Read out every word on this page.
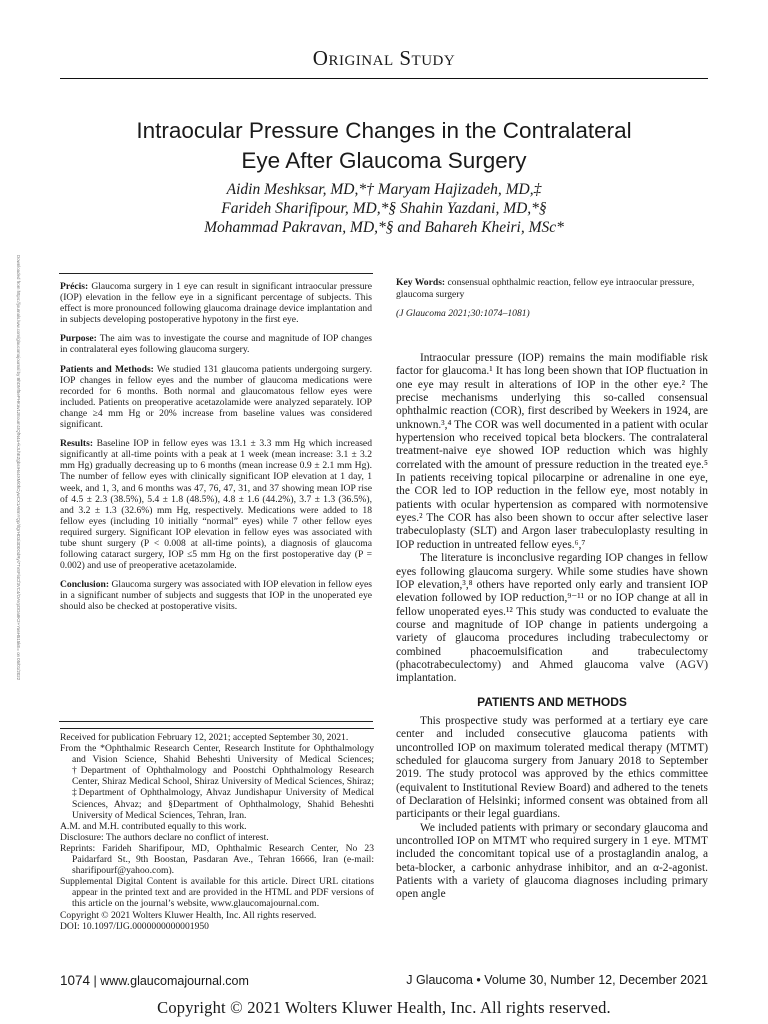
Original Study
Intraocular Pressure Changes in the Contralateral
Eye After Glaucoma Surgery
Aidin Meshksar, MD,*† Maryam Hajizadeh, MD,‡
Farideh Sharifipour, MD,*§ Shahin Yazdani, MD,*§
Mohammad Pakravan, MD,*§ and Bahareh Kheiri, MSc*
Downloaded from https://journals.lww.com/glaucomajournal by BhDMf5ePHKav1zEoum1tQfN4a+kJLhEZgbsIHo4XMi0hCywCX1AWnYQp/IlQrHD3i3D0OdRyi7TvSFl4Cf3VC4/OAVpDDa8K2+Ya6H515kE= on 05/01/2022	Précis: Glaucoma surgery in 1 eye can result in significant intraocular pressure (IOP) elevation in the fellow eye in a significant percentage of subjects. This effect is more pronounced following glaucoma drainage device implantation and in subjects developing postoperative hypotony in the first eye.

Purpose: The aim was to investigate the course and magnitude of IOP changes in contralateral eyes following glaucoma surgery.

Patients and Methods: We studied 131 glaucoma patients undergoing surgery. IOP changes in fellow eyes and the number of glaucoma medications were recorded for 6 months. Both normal and glaucomatous fellow eyes were included. Patients on preoperative acetazolamide were analyzed separately. IOP change ≥4 mm Hg or 20% increase from baseline values was considered significant.

Results: Baseline IOP in fellow eyes was 13.1 ± 3.3 mm Hg which increased significantly at all-time points with a peak at 1 week (mean increase: 3.1 ± 3.2 mm Hg) gradually decreasing up to 6 months (mean increase 0.9 ± 2.1 mm Hg). The number of fellow eyes with clinically significant IOP elevation at 1 day, 1 week, and 1, 3, and 6 months was 47, 76, 47, 31, and 37 showing mean IOP rise of 4.5 ± 2.3 (38.5%), 5.4 ± 1.8 (48.5%), 4.8 ± 1.6 (44.2%), 3.7 ± 1.3 (36.5%), and 3.2 ± 1.3 (32.6%) mm Hg, respectively. Medications were added to 18 fellow eyes (including 10 initially “normal” eyes) while 7 other fellow eyes required surgery. Significant IOP elevation in fellow eyes was associated with tube shunt surgery (P < 0.008 at all-time points), a diagnosis of glaucoma following cataract surgery, IOP ≤5 mm Hg on the first postoperative day (P = 0.002) and use of preoperative acetazolamide.

Conclusion: Glaucoma surgery was associated with IOP elevation in fellow eyes in a significant number of subjects and suggests that IOP in the unoperated eye should also be checked at postoperative visits.

Key Words: consensual ophthalmic reaction, fellow eye intraocular pressure, glaucoma surgery

(J Glaucoma 2021;30:1074–1081)

Intraocular pressure (IOP) remains the main modifiable risk factor for glaucoma.¹ It has long been shown that IOP fluctuation in one eye may result in alterations of IOP in the other eye.² The precise mechanisms underlying this so-called consensual ophthalmic reaction (COR), first described by Weekers in 1924, are unknown.³,⁴ The COR was well documented in a patient with ocular hypertension who received topical beta blockers. The contralateral treatment-naive eye showed IOP reduction which was highly correlated with the amount of pressure reduction in the treated eye.⁵ In patients receiving topical pilocarpine or adrenaline in one eye, the COR led to IOP reduction in the fellow eye, most notably in patients with ocular hypertension as compared with normotensive eyes.² The COR has also been shown to occur after selective laser trabeculoplasty (SLT) and Argon laser trabeculoplasty resulting in IOP reduction in untreated fellow eyes.⁶,⁷

The literature is inconclusive regarding IOP changes in fellow eyes following glaucoma surgery. While some studies have shown IOP elevation,³,⁸ others have reported only early and transient IOP elevation followed by IOP reduction,⁹⁻¹¹ or no IOP change at all in fellow unoperated eyes.¹² This study was conducted to evaluate the course and magnitude of IOP change in patients undergoing a variety of glaucoma procedures including trabeculectomy or combined phacoemulsification and trabeculectomy (phacotrabeculectomy) and Ahmed glaucoma valve (AGV) implantation.

PATIENTS AND METHODS

This prospective study was performed at a tertiary eye care center and included consecutive glaucoma patients with uncontrolled IOP on maximum tolerated medical therapy (MTMT) scheduled for glaucoma surgery from January 2018 to September 2019. The study protocol was approved by the ethics committee (equivalent to Institutional Review Board) and adhered to the tenets of Declaration of Helsinki; informed consent was obtained from all participants or their legal guardians.

We included patients with primary or secondary glaucoma and uncontrolled IOP on MTMT who required surgery in 1 eye. MTMT included the concomitant topical use of a prostaglandin analog, a beta-blocker, a carbonic anhydrase inhibitor, and an α-2-agonist. Patients with a variety of glaucoma diagnoses including primary open angle

Received for publication February 12, 2021; accepted September 30, 2021.

From the *Ophthalmic Research Center, Research Institute for Ophthalmology and Vision Science, Shahid Beheshti University of Medical Sciences; †Department of Ophthalmology and Poostchi Ophthalmology Research Center, Shiraz Medical School, Shiraz University of Medical Sciences, Shiraz; ‡Department of Ophthalmology, Ahvaz Jundishapur University of Medical Sciences, Ahvaz; and §Department of Ophthalmology, Shahid Beheshti University of Medical Sciences, Tehran, Iran.

A.M. and M.H. contributed equally to this work.

Disclosure: The authors declare no conflict of interest.

Reprints: Farideh Sharifipour, MD, Ophthalmic Research Center, No 23 Paidarfard St., 9th Boostan, Pasdaran Ave., Tehran 16666, Iran (e-mail: sharifipourf@yahoo.com).

Supplemental Digital Content is available for this article. Direct URL citations appear in the printed text and are provided in the HTML and PDF versions of this article on the journal’s website, www.glaucomajournal.com.

Copyright © 2021 Wolters Kluwer Health, Inc. All rights reserved.

DOI: 10.1097/IJG.0000000000001950

1074 | www.glaucomajournal.com	J Glaucoma • Volume 30, Number 12, December 2021
Copyright © 2021 Wolters Kluwer Health, Inc. All rights reserved.
